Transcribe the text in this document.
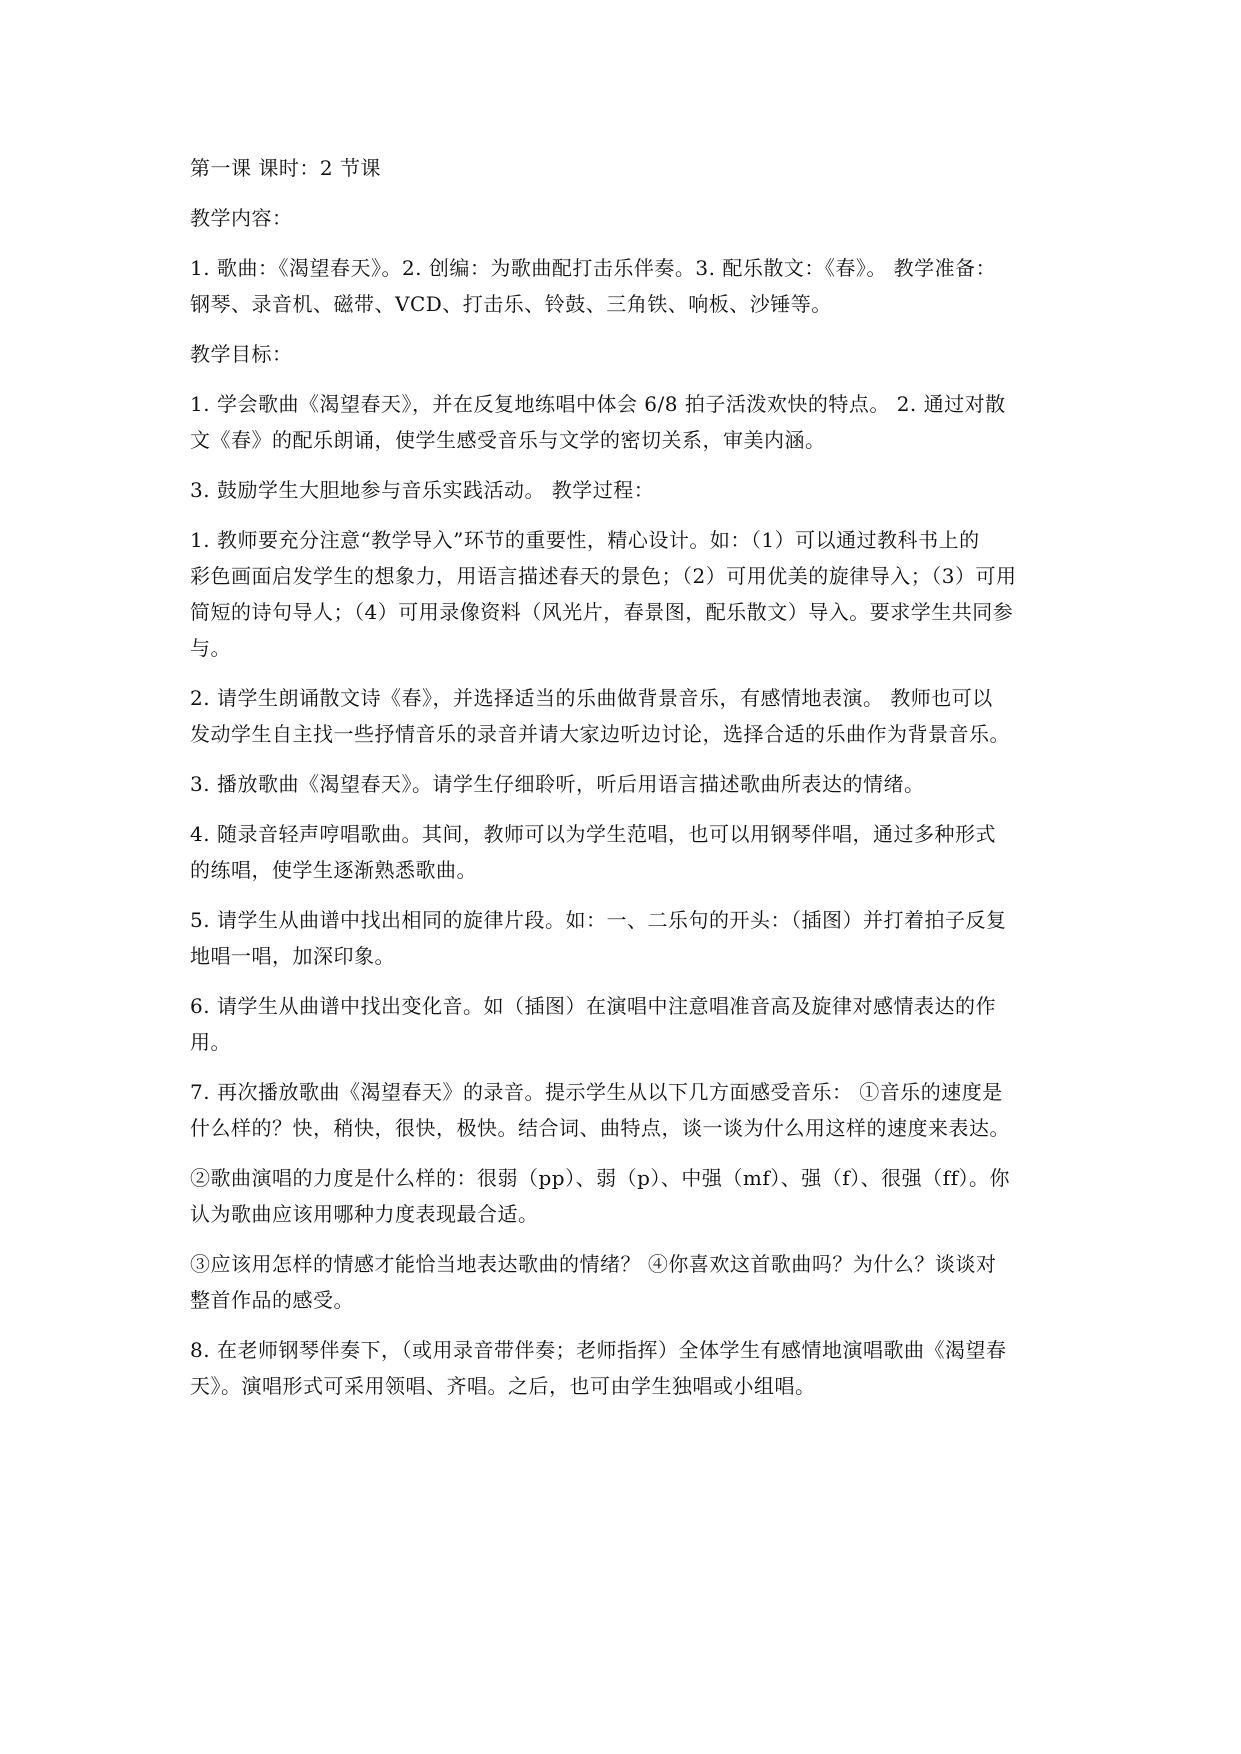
第一课 课时：2 节课

教学内容：

1. 歌曲：《渴望春天》。2. 创编：为歌曲配打击乐伴奏。3. 配乐散文：《春》。 教学准备：
钢琴、录音机、磁带、VCD、打击乐、铃鼓、三角铁、响板、沙锤等。

教学目标：

1. 学会歌曲《渴望春天》，并在反复地练唱中体会 6/8 拍子活泼欢快的特点。 2. 通过对散
文《春》的配乐朗诵，使学生感受音乐与文学的密切关系，审美内涵。

3. 鼓励学生大胆地参与音乐实践活动。 教学过程：

1. 教师要充分注意“教学导入”环节的重要性，精心设计。如：（1）可以通过教科书上的
彩色画面启发学生的想象力，用语言描述春天的景色；（2）可用优美的旋律导入；（3）可用
简短的诗句导人；（4）可用录像资料（风光片，春景图，配乐散文）导入。要求学生共同参
与。

2. 请学生朗诵散文诗《春》，并选择适当的乐曲做背景音乐，有感情地表演。 教师也可以
发动学生自主找一些抒情音乐的录音并请大家边听边讨论，选择合适的乐曲作为背景音乐。

3. 播放歌曲《渴望春天》。请学生仔细聆听，听后用语言描述歌曲所表达的情绪。

4. 随录音轻声哼唱歌曲。其间，教师可以为学生范唱，也可以用钢琴伴唱，通过多种形式
的练唱，使学生逐渐熟悉歌曲。

5. 请学生从曲谱中找出相同的旋律片段。如：一、二乐句的开头：（插图）并打着拍子反复
地唱一唱，加深印象。

6. 请学生从曲谱中找出变化音。如（插图）在演唱中注意唱准音高及旋律对感情表达的作
用。

7. 再次播放歌曲《渴望春天》的录音。提示学生从以下几方面感受音乐： ①音乐的速度是
什么样的？快，稍快，很快，极快。结合词、曲特点，谈一谈为什么用这样的速度来表达。

②歌曲演唱的力度是什么样的：很弱（pp）、弱（p）、中强（mf）、强（f）、很强（ff）。你
认为歌曲应该用哪种力度表现最合适。

③应该用怎样的情感才能恰当地表达歌曲的情绪？ ④你喜欢这首歌曲吗？为什么？谈谈对
整首作品的感受。

8. 在老师钢琴伴奏下，（或用录音带伴奏；老师指挥）全体学生有感情地演唱歌曲《渴望春
天》。演唱形式可采用领唱、齐唱。之后，也可由学生独唱或小组唱。
